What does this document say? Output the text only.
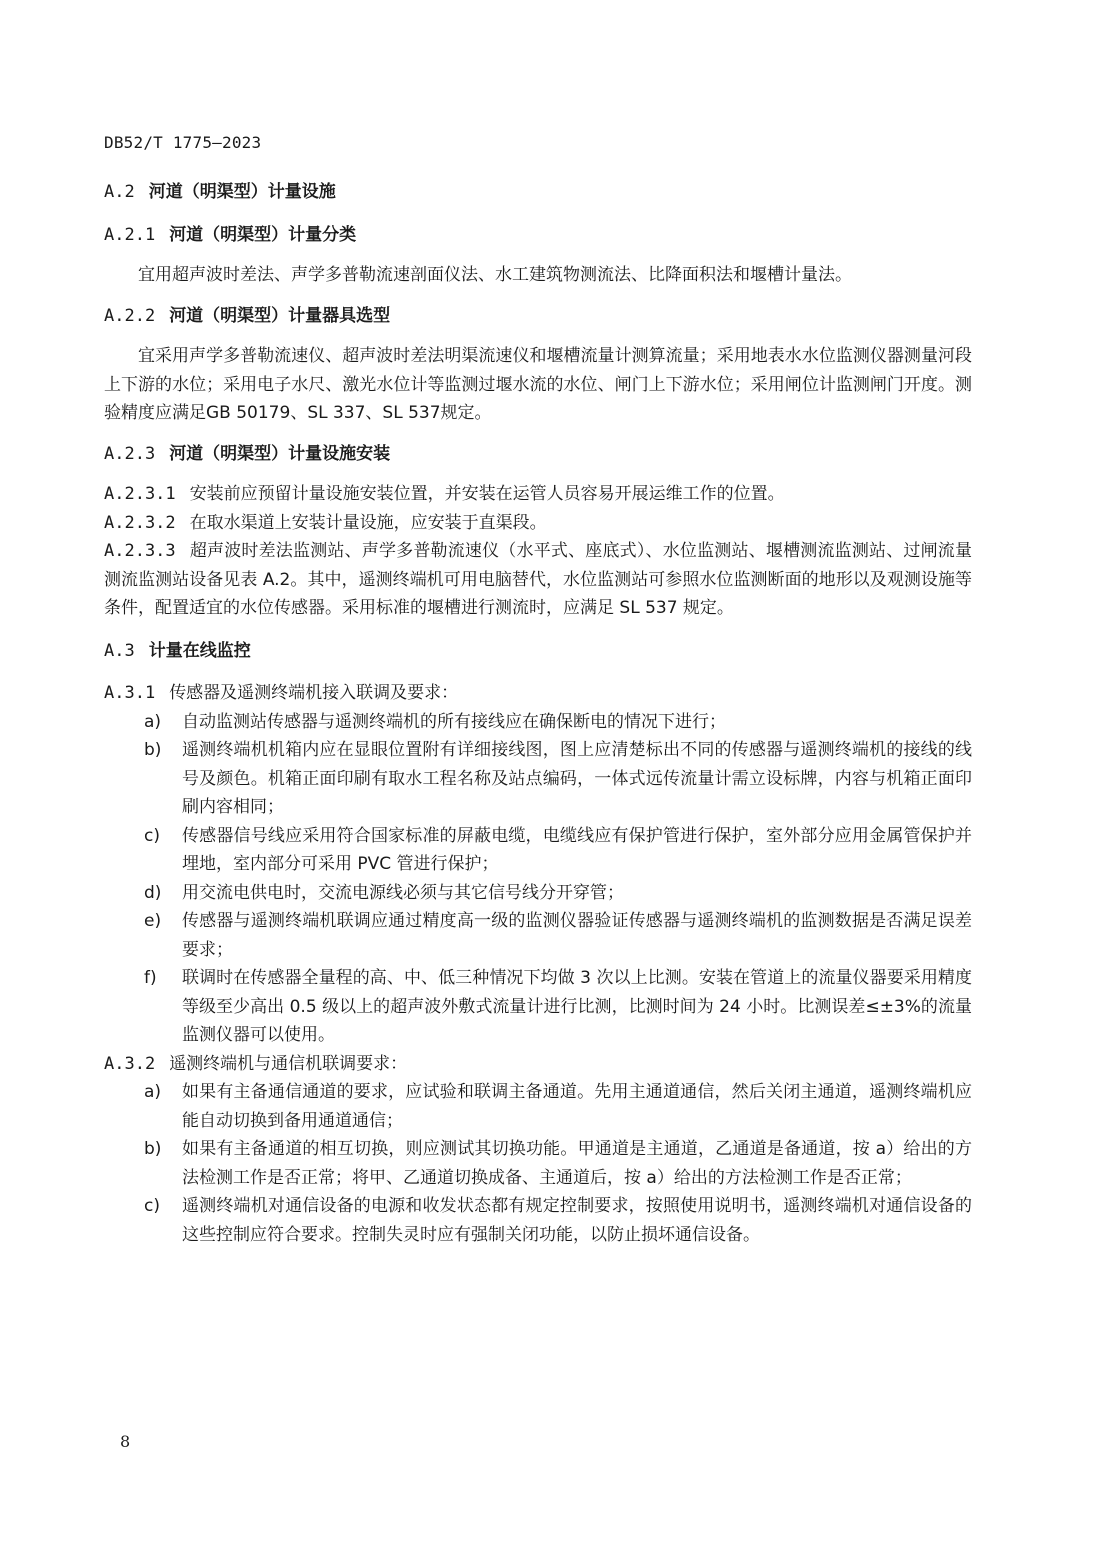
DB52/T 1775—2023
A.2 河道（明渠型）计量设施
A.2.1 河道（明渠型）计量分类
宜用超声波时差法、声学多普勒流速剖面仪法、水工建筑物测流法、比降面积法和堰槽计量法。
A.2.2 河道（明渠型）计量器具选型
宜采用声学多普勒流速仪、超声波时差法明渠流速仪和堰槽流量计测算流量；采用地表水水位监测仪器测量河段上下游的水位；采用电子水尺、激光水位计等监测过堰水流的水位、闸门上下游水位；采用闸位计监测闸门开度。测验精度应满足GB 50179、SL 337、SL 537规定。
A.2.3 河道（明渠型）计量设施安装
A.2.3.1 安装前应预留计量设施安装位置，并安装在运管人员容易开展运维工作的位置。
A.2.3.2 在取水渠道上安装计量设施，应安装于直渠段。
A.2.3.3 超声波时差法监测站、声学多普勒流速仪（水平式、座底式）、水位监测站、堰槽测流监测站、过闸流量测流监测站设备见表 A.2。其中，遥测终端机可用电脑替代，水位监测站可参照水位监测断面的地形以及观测设施等条件，配置适宜的水位传感器。采用标准的堰槽进行测流时，应满足 SL 537 规定。
A.3 计量在线监控
A.3.1 传感器及遥测终端机接入联调及要求：
a) 自动监测站传感器与遥测终端机的所有接线应在确保断电的情况下进行；
b) 遥测终端机机箱内应在显眼位置附有详细接线图，图上应清楚标出不同的传感器与遥测终端机的接线的线号及颜色。机箱正面印刷有取水工程名称及站点编码，一体式远传流量计需立设标牌，内容与机箱正面印刷内容相同；
c) 传感器信号线应采用符合国家标准的屏蔽电缆，电缆线应有保护管进行保护，室外部分应用金属管保护并埋地，室内部分可采用 PVC 管进行保护；
d) 用交流电供电时，交流电源线必须与其它信号线分开穿管；
e) 传感器与遥测终端机联调应通过精度高一级的监测仪器验证传感器与遥测终端机的监测数据是否满足误差要求；
f) 联调时在传感器全量程的高、中、低三种情况下均做 3 次以上比测。安装在管道上的流量仪器要采用精度等级至少高出 0.5 级以上的超声波外敷式流量计进行比测，比测时间为 24 小时。比测误差≤±3%的流量监测仪器可以使用。
A.3.2 遥测终端机与通信机联调要求：
a) 如果有主备通信通道的要求，应试验和联调主备通道。先用主通道通信，然后关闭主通道，遥测终端机应能自动切换到备用通道通信；
b) 如果有主备通道的相互切换，则应测试其切换功能。甲通道是主通道，乙通道是备通道，按 a）给出的方法检测工作是否正常；将甲、乙通道切换成备、主通道后，按 a）给出的方法检测工作是否正常；
c) 遥测终端机对通信设备的电源和收发状态都有规定控制要求，按照使用说明书，遥测终端机对通信设备的这些控制应符合要求。控制失灵时应有强制关闭功能，以防止损坏通信设备。
8
